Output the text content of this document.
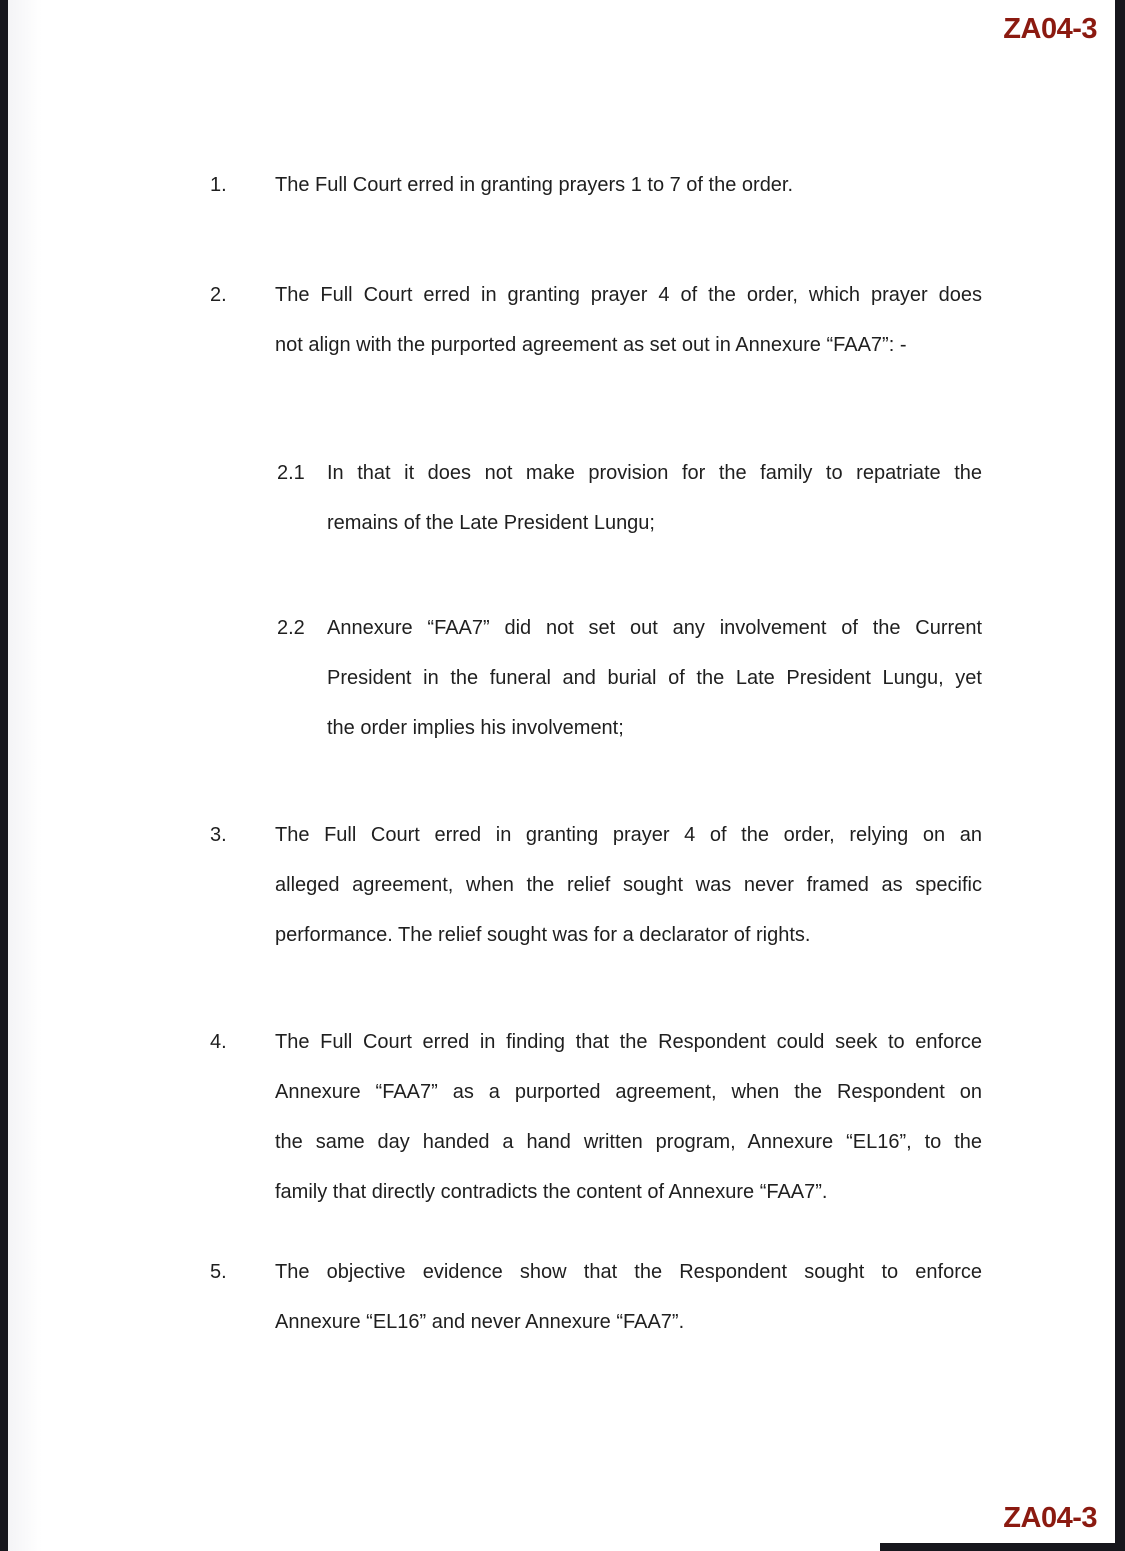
ZA04-3
1.	The Full Court erred in granting prayers 1 to 7 of the order.
2.	The Full Court erred in granting prayer 4 of the order, which prayer does
not align with the purported agreement as set out in Annexure “FAA7”: -
2.1	In that it does not make provision for the family to repatriate the
remains of the Late President Lungu;
2.2	Annexure “FAA7” did not set out any involvement of the Current
President in the funeral and burial of the Late President Lungu, yet
the order implies his involvement;
3.	The Full Court erred in granting prayer 4 of the order, relying on an
alleged agreement, when the relief sought was never framed as specific
performance. The relief sought was for a declarator of rights.
4.	The Full Court erred in finding that the Respondent could seek to enforce
Annexure “FAA7” as a purported agreement, when the Respondent on
the same day handed a hand written program, Annexure “EL16”, to the
family that directly contradicts the content of Annexure “FAA7”.
5.	The objective evidence show that the Respondent sought to enforce
Annexure “EL16” and never Annexure “FAA7”.
ZA04-3
